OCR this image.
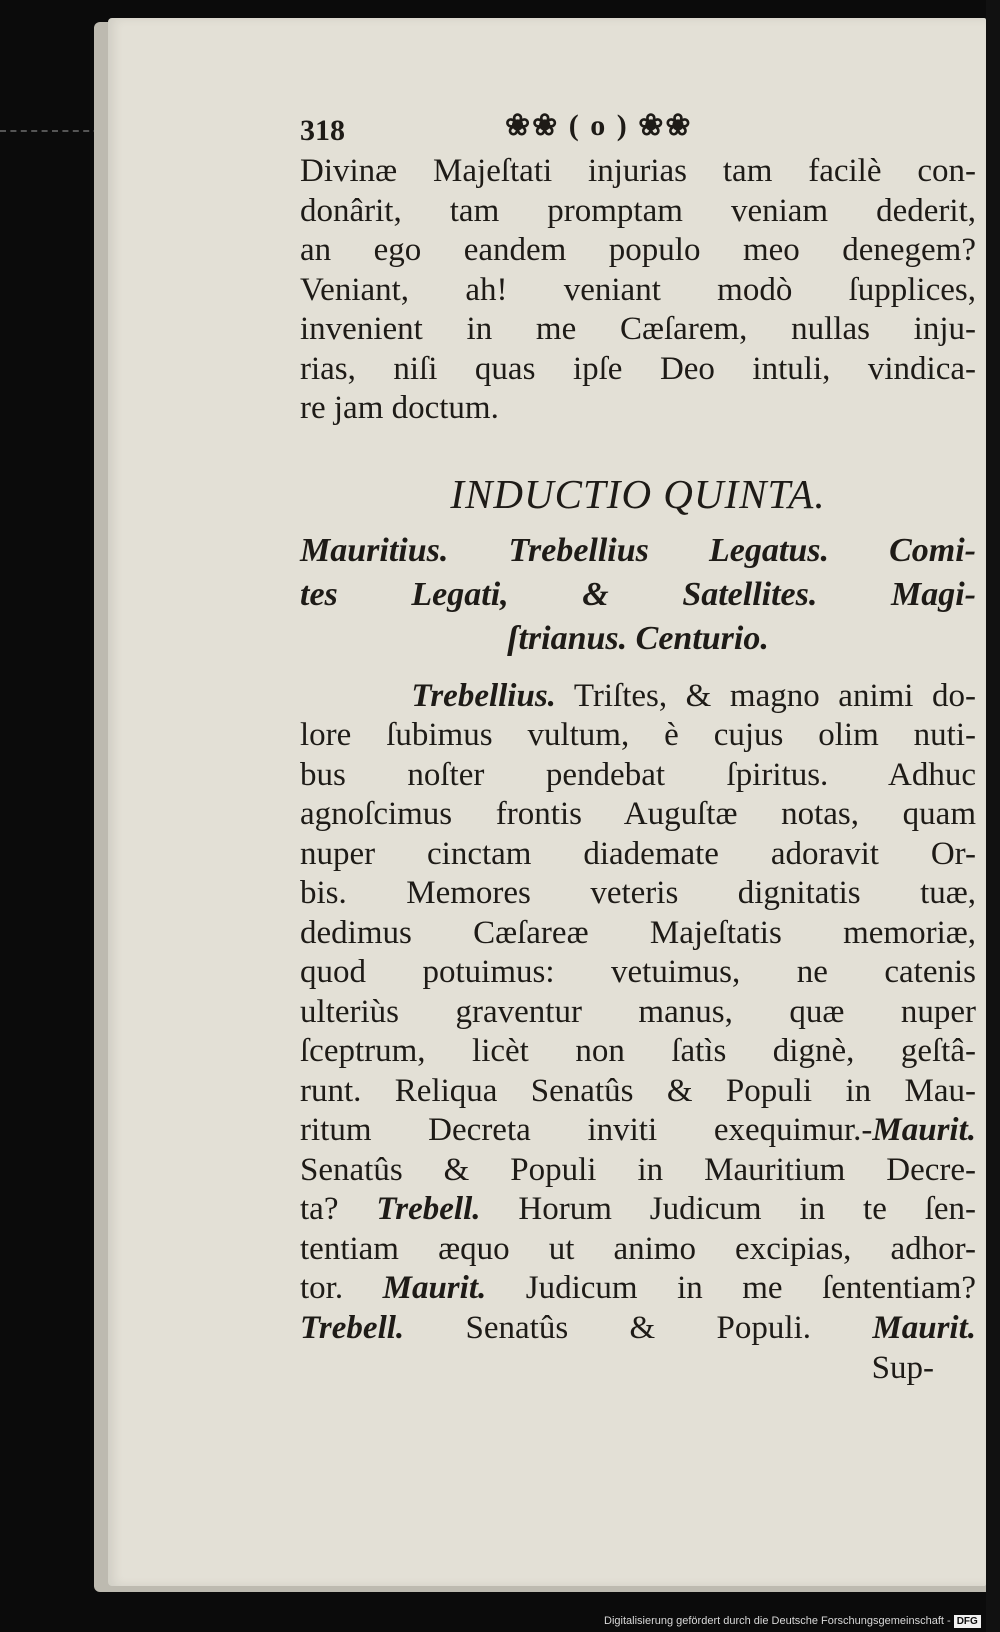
318	❀❀ ( o ) ❀❀

Divinæ Majeſtati injurias tam facilè con-
donârit, tam promptam veniam dederit,
an ego eandem populo meo denegem?
Veniant, ah! veniant modò ſupplices,
invenient in me Cæſarem, nullas inju-
rias, niſi quas ipſe Deo intuli, vindica-
re jam doctum.

INDUCTIO QUINTA.
Mauritius. Trebellius Legatus. Comi-
tes Legati, & Satellites. Magi-
ſtrianus. Centurio.

Trebellius. Triſtes, & magno animi do-
lore ſubimus vultum, è cujus olim nuti-
bus noſter pendebat ſpiritus. Adhuc
agnoſcimus frontis Auguſtæ notas, quam
nuper cinctam diademate adoravit Or-
bis. Memores veteris dignitatis tuæ,
dedimus Cæſareæ Majeſtatis memoriæ,
quod potuimus: vetuimus, ne catenis
ulteriùs graventur manus, quæ nuper
ſceptrum, licèt non ſatìs dignè, geſtâ-
runt. Reliqua Senatûs & Populi in Mau-
ritum Decreta inviti exequimur.-Maurit.
Senatûs & Populi in Mauritium Decre-
ta? Trebell. Horum Judicum in te ſen-
tentiam æquo ut animo excipias, adhor-
tor. Maurit. Judicum in me ſententiam?
Trebell. Senatûs & Populi. Maurit.

Sup-
Digitalisierung gefördert durch die Deutsche Forschungsgemeinschaft - DFG
